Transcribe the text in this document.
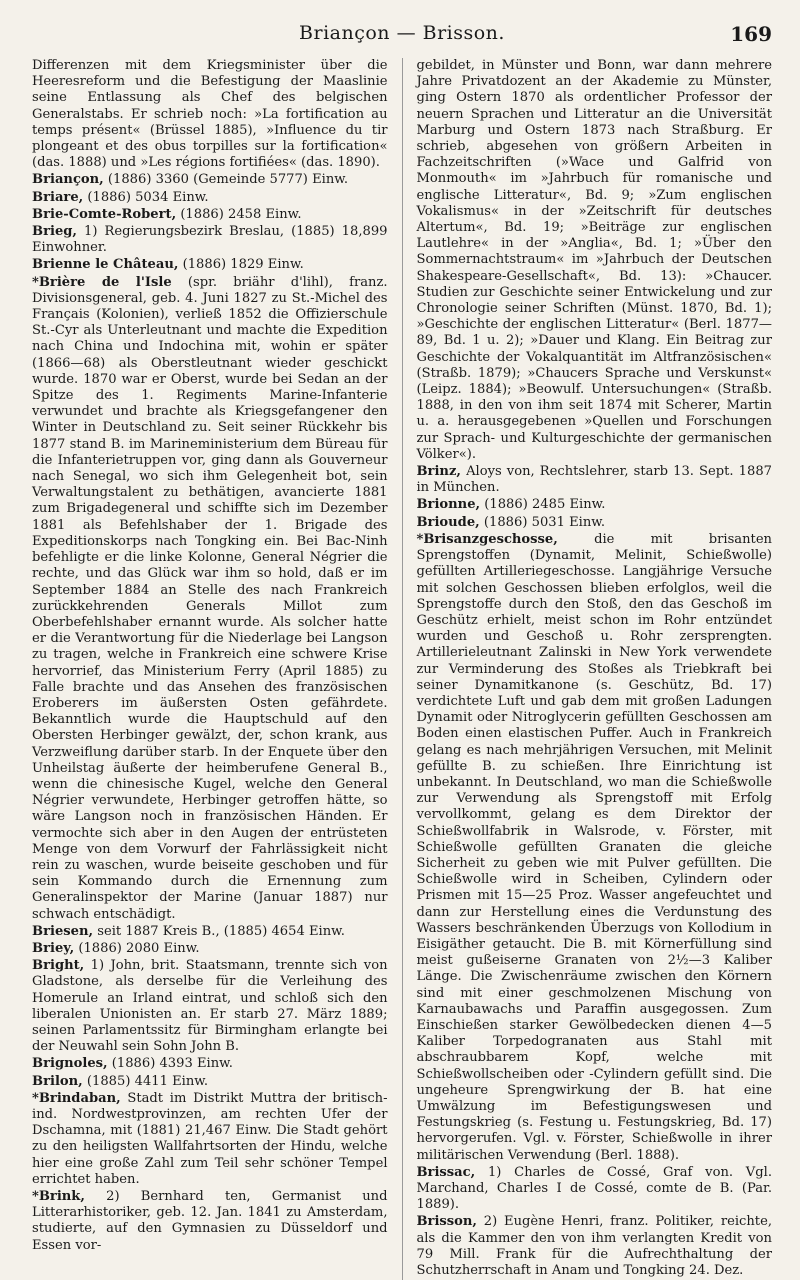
Briançon — Brisson.	169

Differenzen mit dem Kriegsminister über die Heeresreform und die Befestigung der Maaslinie seine Entlassung als Chef des belgischen Generalstabs. Er schrieb noch: »La fortification au temps présent« (Brüssel 1885), »Influence du tir plongeant et des obus torpilles sur la fortification« (das. 1888) und »Les régions fortifiées« (das. 1890).

Briançon, (1886) 3360 (Gemeinde 5777) Einw.

Briare, (1886) 5034 Einw.

Brie-Comte-Robert, (1886) 2458 Einw.

Brieg, 1) Regierungsbezirk Breslau, (1885) 18,899 Einwohner.

Brienne le Château, (1886) 1829 Einw.

*Brière de l'Isle (spr. briähr d'lihl), franz. Divisionsgeneral, geb. 4. Juni 1827 zu St.-Michel des Français (Kolonien), verließ 1852 die Offizierschule St.-Cyr als Unterleutnant und machte die Expedition nach China und Indochina mit, wohin er später (1866—68) als Oberstleutnant wieder geschickt wurde. 1870 war er Oberst, wurde bei Sedan an der Spitze des 1. Regiments Marine-Infanterie verwundet und brachte als Kriegsgefangener den Winter in Deutschland zu. Seit seiner Rückkehr bis 1877 stand B. im Marineministerium dem Büreau für die Infanterietruppen vor, ging dann als Gouverneur nach Senegal, wo sich ihm Gelegenheit bot, sein Verwaltungstalent zu bethätigen, avancierte 1881 zum Brigadegeneral und schiffte sich im Dezember 1881 als Befehlshaber der 1. Brigade des Expeditionskorps nach Tongking ein. Bei Bac-Ninh befehligte er die linke Kolonne, General Négrier die rechte, und das Glück war ihm so hold, daß er im September 1884 an Stelle des nach Frankreich zurückkehrenden Generals Millot zum Oberbefehlshaber ernannt wurde. Als solcher hatte er die Verantwortung für die Niederlage bei Langson zu tragen, welche in Frankreich eine schwere Krise hervorrief, das Ministerium Ferry (April 1885) zu Falle brachte und das Ansehen des französischen Eroberers im äußersten Osten gefährdete. Bekanntlich wurde die Hauptschuld auf den Obersten Herbinger gewälzt, der, schon krank, aus Verzweiflung darüber starb. In der Enquete über den Unheilstag äußerte der heimberufene General B., wenn die chinesische Kugel, welche den General Négrier verwundete, Herbinger getroffen hätte, so wäre Langson noch in französischen Händen. Er vermochte sich aber in den Augen der entrüsteten Menge von dem Vorwurf der Fahrlässigkeit nicht rein zu waschen, wurde beiseite geschoben und für sein Kommando durch die Ernennung zum Generalinspektor der Marine (Januar 1887) nur schwach entschädigt.

Briesen, seit 1887 Kreis B., (1885) 4654 Einw.

Briey, (1886) 2080 Einw.

Bright, 1) John, brit. Staatsmann, trennte sich von Gladstone, als derselbe für die Verleihung des Homerule an Irland eintrat, und schloß sich den liberalen Unionisten an. Er starb 27. März 1889; seinen Parlamentssitz für Birmingham erlangte bei der Neuwahl sein Sohn John B.

Brignoles, (1886) 4393 Einw.

Brilon, (1885) 4411 Einw.

*Brindaban, Stadt im Distrikt Muttra der britisch-ind. Nordwestprovinzen, am rechten Ufer der Dschamna, mit (1881) 21,467 Einw. Die Stadt gehört zu den heiligsten Wallfahrtsorten der Hindu, welche hier eine große Zahl zum Teil sehr schöner Tempel errichtet haben.

*Brink, 2) Bernhard ten, Germanist und Litterarhistoriker, geb. 12. Jan. 1841 zu Amsterdam, studierte, auf den Gymnasien zu Düsseldorf und Essen vor-

gebildet, in Münster und Bonn, war dann mehrere Jahre Privatdozent an der Akademie zu Münster, ging Ostern 1870 als ordentlicher Professor der neuern Sprachen und Litteratur an die Universität Marburg und Ostern 1873 nach Straßburg. Er schrieb, abgesehen von größern Arbeiten in Fachzeitschriften (»Wace und Galfrid von Monmouth« im »Jahrbuch für romanische und englische Litteratur«, Bd. 9; »Zum englischen Vokalismus« in der »Zeitschrift für deutsches Altertum«, Bd. 19; »Beiträge zur englischen Lautlehre« in der »Anglia«, Bd. 1; »Über den Sommernachtstraum« im »Jahrbuch der Deutschen Shakespeare-Gesellschaft«, Bd. 13): »Chaucer. Studien zur Geschichte seiner Entwickelung und zur Chronologie seiner Schriften (Münst. 1870, Bd. 1); »Geschichte der englischen Litteratur« (Berl. 1877—89, Bd. 1 u. 2); »Dauer und Klang. Ein Beitrag zur Geschichte der Vokalquantität im Altfranzösischen« (Straßb. 1879); »Chaucers Sprache und Verskunst« (Leipz. 1884); »Beowulf. Untersuchungen« (Straßb. 1888, in den von ihm seit 1874 mit Scherer, Martin u. a. herausgegebenen »Quellen und Forschungen zur Sprach- und Kulturgeschichte der germanischen Völker«).

Brinz, Aloys von, Rechtslehrer, starb 13. Sept. 1887 in München.

Brionne, (1886) 2485 Einw.

Brioude, (1886) 5031 Einw.

*Brisanzgeschosse,	die mit brisanten Sprengstoffen (Dynamit, Melinit, Schießwolle) gefüllten Artilleriegeschosse. Langjährige Versuche mit solchen Geschossen blieben erfolglos, weil die Sprengstoffe durch den Stoß, den das Geschoß im Geschütz erhielt, meist schon im Rohr entzündet wurden und Geschoß u. Rohr zersprengten. Artillerieleutnant Zalinski in New York verwendete zur Verminderung des Stoßes als Triebkraft bei seiner Dynamitkanone (s. Geschütz, Bd. 17) verdichtete Luft und gab dem mit großen Ladungen Dynamit oder Nitroglycerin gefüllten Geschossen am Boden einen elastischen Puffer. Auch in Frankreich gelang es nach mehrjährigen Versuchen, mit Melinit gefüllte B. zu schießen. Ihre Einrichtung ist unbekannt. In Deutschland, wo man die Schießwolle zur Verwendung als Sprengstoff mit Erfolg vervollkommt, gelang es dem Direktor der Schießwollfabrik in Walsrode, v. Förster, mit Schießwolle gefüllten Granaten die gleiche Sicherheit zu geben wie mit Pulver gefüllten. Die Schießwolle wird in Scheiben, Cylindern oder Prismen mit 15—25 Proz. Wasser angefeuchtet und dann zur Herstellung eines die Verdunstung des Wassers beschränkenden Überzugs von Kollodium in Eisigäther getaucht. Die B. mit Körnerfüllung sind meist gußeiserne Granaten von 2½—3 Kaliber Länge. Die Zwischenräume zwischen den Körnern sind mit einer geschmolzenen Mischung von Karnaubawachs und Paraffin ausgegossen. Zum Einschießen starker Gewölbedecken dienen 4—5 Kaliber Torpedogranaten aus Stahl mit abschraubbarem Kopf, welche mit Schießwollscheiben oder -Cylindern gefüllt sind. Die ungeheure Sprengwirkung der B. hat eine Umwälzung im Befestigungswesen und Festungskrieg (s. Festung u. Festungskrieg, Bd. 17) hervorgerufen. Vgl. v. Förster, Schießwolle in ihrer militärischen Verwendung (Berl. 1888).

Brissac, 1) Charles de Cossé, Graf von. Vgl. Marchand, Charles I de Cossé, comte de B. (Par. 1889).

Brisson, 2) Eugène Henri, franz. Politiker, reichte, als die Kammer den von ihm verlangten Kredit von 79 Mill. Frank für die Aufrechthaltung der Schutzherrschaft in Anam und Tongking 24. Dez.
